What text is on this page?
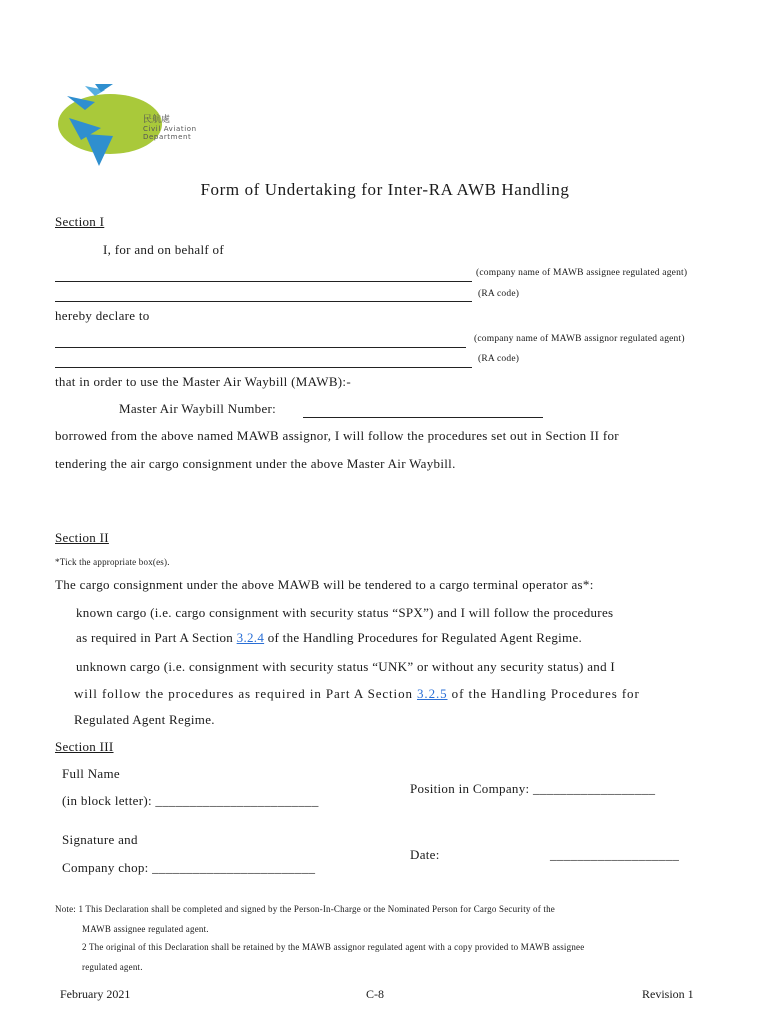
民航處
Civil Aviation
Department
Form of Undertaking for Inter-RA AWB Handling
Section I
I, for and on behalf of
(company name of MAWB assignee regulated agent)
(RA code)
hereby declare to
(company name of MAWB assignor regulated agent)
(RA code)
that in order to use the Master Air Waybill (MAWB):-
Master Air Waybill Number:
borrowed from the above named MAWB assignor, I will follow the procedures set out in Section II for
tendering the air cargo consignment under the above Master Air Waybill.
Section II
*Tick the appropriate box(es).
The cargo consignment under the above MAWB will be tendered to a cargo terminal operator as*:
known cargo (i.e. cargo consignment with security status “SPX”) and I will follow the procedures
as required in Part A Section 3.2.4 of the Handling Procedures for Regulated Agent Regime.
unknown cargo (i.e. consignment with security status “UNK” or without any security status) and I
will follow the procedures as required in Part A Section 3.2.5 of the Handling Procedures for
Regulated Agent Regime.
Section III
Full Name
(in block letter): ________________________
Position in Company: __________________
Signature and
Company chop: ________________________
Date:	___________________
Note: 1 This Declaration shall be completed and signed by the Person-In-Charge or the Nominated Person for Cargo Security of the
MAWB assignee regulated agent.
2 The original of this Declaration shall be retained by the MAWB assignor regulated agent with a copy provided to MAWB assignee
regulated agent.
February 2021	C-8	Revision 1
